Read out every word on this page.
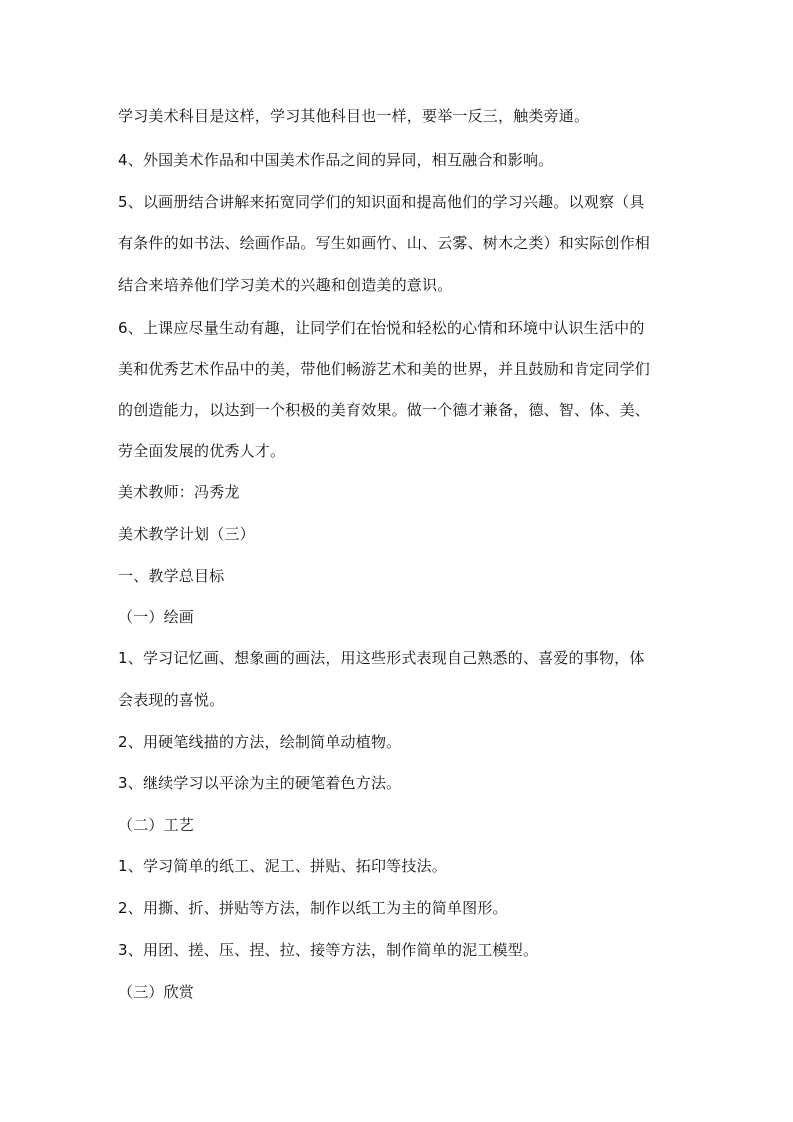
学习美术科目是这样，学习其他科目也一样，要举一反三，触类旁通。
4、外国美术作品和中国美术作品之间的异同，相互融合和影响。
5、以画册结合讲解来拓宽同学们的知识面和提高他们的学习兴趣。以观察（具
有条件的如书法、绘画作品。写生如画竹、山、云雾、树木之类）和实际创作相
结合来培养他们学习美术的兴趣和创造美的意识。
6、上课应尽量生动有趣，让同学们在怡悦和轻松的心情和环境中认识生活中的
美和优秀艺术作品中的美，带他们畅游艺术和美的世界，并且鼓励和肯定同学们
的创造能力，以达到一个积极的美育效果。做一个德才兼备，德、智、体、美、
劳全面发展的优秀人才。
美术教师：冯秀龙
美术教学计划（三）
一、教学总目标
（一）绘画
1、学习记忆画、想象画的画法，用这些形式表现自己熟悉的、喜爱的事物，体
会表现的喜悦。
2、用硬笔线描的方法，绘制简单动植物。
3、继续学习以平涂为主的硬笔着色方法。
（二）工艺
1、学习简单的纸工、泥工、拼贴、拓印等技法。
2、用撕、折、拼贴等方法，制作以纸工为主的简单图形。
3、用团、搓、压、捏、拉、接等方法，制作简单的泥工模型。
（三）欣赏
